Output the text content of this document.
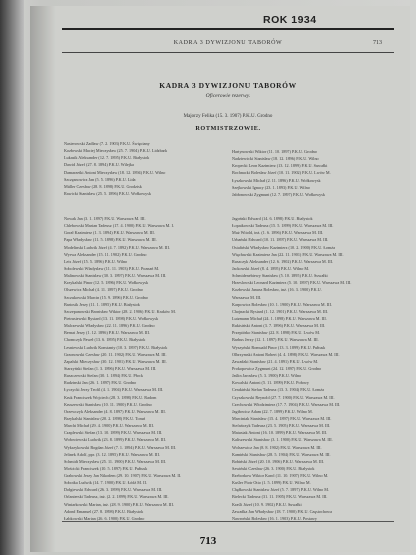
ROK 1934
KADRA 3 DYWIZJONU TABORÓW	713
KADRA 3 DYWIZJONU TABORÓW
Oficerowie rezerwy.
Majorzy Felika (15. 3. 1907) P.K.U. Grodno
ROTMISTRZOWIE.
Nasierowski Zadław (7. 2. 1903) P.K.U. Święciany
Kozłowski Maciej Mieczysław (25. 7. 1904) P.K.U. Lidzbark
Lukasik Aleksander (12. 7. 1895) P.K.U. Białystok
Dawid Józef (27. 8. 1894) P.K.U. Wilejka
Damarzetki Antoni Mieczysław (18. 12. 1894) P.K.U. Wilno
Szczęsnowicz Jan (5. 5. 1896) P.K.U. Lida
Müller Czesław (28. 8. 1898) P.K.U. Grodzisk
Rawicki Stanisław (25. 5. 1896) P.K.U. Wołkowysk
Hartynowski Wiktor (11. 10. 1897) P.K.U. Grodno
Nadziewicki Stanisław (18. 12. 1896) P.K.U. Wilno
Kropecki Leon Kazimierz (13. 12. 1899) P.K.U. Suwałki
Bochnacki Bolesław Józef (10. 11. 1902) P.K.U. Lwów M.
Łyszkowski Michał (2. 11. 1896) P.K.U. Wołkowysk
Szejkowski Ignacy (23. 1. 1893) P.K.U. Wilno
Jabłonowski Zygmunt (12. 7. 1897) P.K.U. Wołkowysk
Nowak Jan (3. 1. 1897) P.K.U. Warszawa M. III.
Chlebowski Marian Tadeusz (17. 4. 1900) P.K.U. Warszawa M. I.
Gorał Kazimierz (1. 3. 1894) P.K.U. Warszawa M. III.
Papa Władysław (11. 5. 1898) P.K.U. Warszawa M. III.
Modelinski Ludwik Józef (4. 7. 1892) P.K.U. Warszawa M. III.
Wyrwa Aleksander (15. 11. 1902) P.K.U. Grodno
Leis Józef (15. 5. 1896) P.K.U. Wilno
Sobolewski Władysław (11. 11. 1903) P.K.U. Poznań M.
Malinowski Stanisław (30. 3. 1897) P.K.U. Warszawa M. III.
Krzykalski Pinor (12. 5. 1896) P.K.U. Wołkowysk
Olszewicz Michał (4. 11. 1897) P.K.U. Grodno
Szczukowski Marcin (15. 9. 1896) P.K.U. Grodno
Bartosik Jerzy (11. 1. 1895) P.K.U. Białystok
Szczepanowski Bronisław Wiktor (28. 2. 1906) P.K.U. Kraków M.
Pietrusiewski Rysiard (13. 11. 1898) P.K.U. Wołkowysk
Malczewski Władysław (22. 11. 1896) P.K.U. Grodno
Bernat Jerzy (1. 12. 1896) P.K.U. Warszawa M. III.
Chomczyk Paweł (13. 6. 1895) P.K.U. Białystok
Lesniewski Ludwik Konstanty (10. 3. 1897) P.K.U. Białystok
Grzonowski Czesław (20. 11. 1902) P.K.U. Warszawa M. III.
Zapalski Mieczysław (30. 12. 1901) P.K.U. Warszawa M. III.
Starzyński Stefan (1. 3. 1896) P.K.U. Warszawa M. III.
Ruszczewski Stefan (30. 1. 1894) P.K.U. Płock
Rudzinski Jan (26. 1. 1897) P.K.U. Grodno
Łyczycki Jerzy Teofil (4. 1. 1904) P.K.U. Warszawa M. III.
Kruk Franciszek Wojciech (28. 3. 1898) P.K.U. Radom
Kruszewski Stanisław (10. 11. 1900) P.K.U. Grodno
Orzewczyk Aleksander (4. 8. 1897) P.K.U. Warszawa M. III.
Brzykalski Stanisław (20. 2. 1898) P.K.U. Toruń
Marchi Michał (29. 4. 1900) P.K.U. Warszawa M. III.
Czaplewski Stefan (13. 10. 1899) P.K.U. Warszawa M. III.
Wołowiewski Ludwik (23. 8. 1899) P.K.U. Warszawa M. III.
Wykrzykowski Bogdan Józef (7. 1. 1894) P.K.U. Warszawa M. III.
Jelinek Adolf, ppr. (3. 12. 1895) P.K.U. Warszawa M. III.
Schmidt Mieczysław (25. 11. 1900) P.K.U. Warszawa M. III.
Mościcki Franciszek (10. 5. 1897) P.K.U. Pułtusk
Grabowski Jerzy Jan Nikodem (29. 10. 1907) P.K.U. Warszawa M. II.
Sobotka Ludwik (14. 7. 1900) P.K.U. Łódź M. II.
Dołgiewski Edward (26. 3. 1899) P.K.U. Warszawa M. III.
Orlanierski Tadeusz, inż. (2. 2. 1899) P.K.U. Warszawa M. III.
Winiarkowski Marian, inż. (28. 9. 1900) P.K.U. Warszawa M. III.
Adond Emanuel (27. 8. 1898) P.K.U. Białystok
Łabkowski Marian (26. 6. 1900) P.K.U. Grodno
Jagoński Edward (14. 6. 1898) P.K.U. Białystok
Łopatkowski Tadeusz (15. 5. 1899) P.K.U. Warszawa M. III.
Muż Witold, inż. (1. 6. 1896) P.K.U. Warszawa M. III.
Urbański Edward (10. 11. 1897) P.K.U. Warszawa M. III.
Ostafiński Władysław Kazimierz (10. 2. 1900) P.K.U. Łomża
Więcławski Kazimierz Jan (22. 11. 1901) P.K.U. Warszawa M. III.
Ruszczyk Aleksander (12. 6. 1902) P.K.U. Warszawa M. III.
Jackowski Józef (8. 4. 1895) P.K.U. Wilno M.
Schmidenebiewy Stanisław (5. 10. 1895) P.K.U. Suwałki
Hrzeslowski Leonard Kazimierz (5. 10. 1897) P.K.U. Warszawa M. III.
Kozłowski Janusz Bolesław, inż. (16. 3. 1900) P.K.U.
Warszawa M. III.
Karpowicz Bolesław (10. 1. 1900) P.K.U. Warszawa M. III.
Chojnacki Rysiard (1. 12. 1901) P.K.U. Warszawa M. III.
Lutzmann Michał (24. 1. 1898) P.K.U. Warszawa M. III.
Rukisiński Antoni (3. 7. 1896) P.K.U. Warszawa M. III.
Przepiórko Stanisław (22. 8. 1898) P.K.U. Lwów M.
Barbus Jerzy (12. 1. 1897) P.K.U. Warszawa M. III.
Wyszyński Romuald Pinor (13. 3. 1899) P.K.U. Pułtusk
Olbrzymski Antoni Robert (4. 4. 1898) P.K.U. Warszawa M. III.
Zawadzki Stanisław (21. 4. 1891) P.K.U. Lwów M.
Prokopowicz Zygmunt (24. 12. 1897) P.K.U. Grodno
Jaślin Jarosław (5. 3. 1900) P.K.U. Wilno
Kowalski Antoni (5. 11. 1899) P.K.U. Połowy
Cerakiński Stefan Tadeusz (13. 3. 1904) P.K.U. Łomża
Czyszkowski Reynold (27. 7. 1900) P.K.U. Warszawa M. III.
Czechowski Włodzimierz (17. 7. 1904) P.K.U. Warszawa M. III.
Jagiłowicz Adam (22. 7. 1899) P.K.U. Wilno M.
Marciniak Stanisław (15. 4. 1897) P.K.U. Warszawa M. III.
Stefańczyk Tadeusz (23. 5. 1905) P.K.U. Warszawa M. III.
Matusiak Antoni (16. 10. 1899) P.K.U. Warszawa M. III.
Kaliszewski Stanisław (3. 1. 1900) P.K.U. Warszawa M. III.
Wolszewicz Jan (8. 8. 1902) P.K.U. Warszawa M. III.
Kamiński Stanisław (28. 5. 1904) P.K.U. Warszawa M. III.
Bobiński Józef (20. 10. 1906) P.K.U. Warszawa M. III.
Szwiński Czesław (26. 3. 1900) P.K.U. Białystok
Rzeborkow Wiktor Karol (11. 10. 1907) P.K.U. Wilno M.
Kuśler Piotr Otto (1. 5. 1899) P.K.U. Wilno M.
Chęłkowski Stanisław Józef (5. 7. 1897) P.K.U. Wilno M.
Bielecki Tadeusz (31. 11. 1905) P.K.U. Warszawa M. III.
Kraśli Józef (10. 9. 1902) P.K.U. Suwałki
Zawadka Jan Władysław (18. 7. 1900) P.K.U. Częstochowa
Nawroński Bolesław (16. 1. 1903) P.K.U. Postawy
713
